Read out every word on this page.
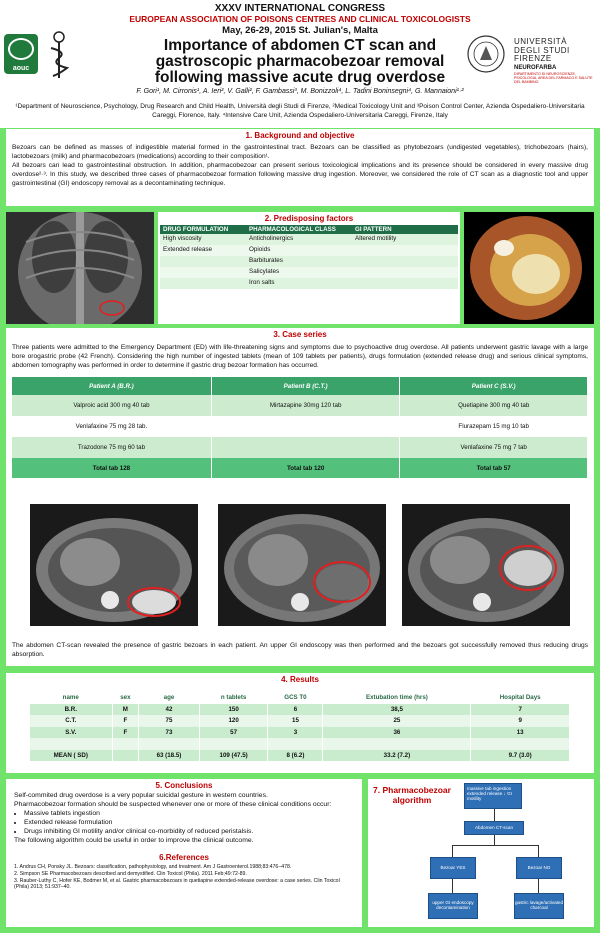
aouc
XXXV INTERNATIONAL CONGRESS
EUROPEAN ASSOCIATION OF POISONS CENTRES AND CLINICAL TOXICOLOGISTS
May, 26-29, 2015 St. Julian's, Malta
Importance of abdomen CT scan and
gastroscopic pharmacobezoar removal
following massive acute drug overdose
UNIVERSITÀ DEGLI STUDI FIRENZE
NEUROFARBA
DIPARTIMENTO DI NEUROSCIENZE, PSICOLOGIA, AREA DEL FARMACO E SALUTE DEL BAMBINO
F. Gori¹, M. Cirronis¹, A. Ieri², V. Galli², F. Gambassi³, M. Bonizzoli⁴, L. Tadini Boninsegni⁴, G. Mannaioni¹·²
¹Department of Neuroscience, Psychology, Drug Research and Child Health, Università degli Studi di Firenze, ²Medical Toxicology Unit and ³Poison Control Center, Azienda Ospedaliero-Universitaria Careggi, Florence, Italy. ⁴Intensive Care Unit, Azienda Ospedaliero-Universitaria Careggi, Firenze, Italy
1. Background and objective

Bezoars can be defined as masses of indigestible material formed in the gastrointestinal tract. Bezoars can be classified as phytobezoars (undigested vegetables), trichobezoars (hairs), lactobezoars (milk) and pharmacobezoars (medications) according to their composition¹.

All bezoars can lead to gastrointestinal obstruction. In addition, pharmacobezoar can present serious toxicological implications and its presence should be considered in every massive drug overdose²·³. In this study, we described three cases of pharmacobezoar formation following massive drug ingestion. Moreover, we considered the role of CT scan as a diagnostic tool and upper gastrointestinal (GI) endoscopy removal as a decontaminating technique.

2. Predisposing factors
DRUG FORMULATION	PHARMACOLOGICAL CLASS	GI PATTERN
High viscosity	Anticholinergics	Altered motility
Extended release	Opioids	
	Barbiturates	
	Salicylates	
	Iron salts	
3. Case series

Three patients were admitted to the Emergency Department (ED) with life-threatening signs and symptoms due to psychoactive drug overdose. All patients underwent gastric lavage with a large bore orogastric probe (42 French). Considering the high number of ingested tablets (mean of 109 tablets per patients), drugs formulation (extended release drug) and serious clinical symptoms, abdomen tomography was performed in order to determine if gastric drug bezoar formation has occurred.

Patient A (B.R.)	Patient B (C.T.)	Patient C (S.V.)
Valproic acid 300 mg 40 tab	Mirtazapine 30mg 120 tab	Quetiapine 300 mg 40 tab
Venlafaxine 75 mg 28 tab.		Flurazepam 15 mg 10 tab
Trazodone 75 mg 60 tab		Venlafaxine 75 mg 7 tab
Total tab 128	Total tab 120	Total tab 57

The abdomen CT-scan revealed the presence of gastric bezoars in each patient. An upper GI endoscopy was then performed and the bezoars got successfully removed thus reducing drugs absorption.

4. Results
name	sex	age	n tablets	GCS T0	Extubation time (hrs)	Hospital Days
B.R.	M	42	150	6	38,5	7
C.T.	F	75	120	15	25	9
S.V.	F	73	57	3	36	13

MEAN ( SD)		63 (18.5)	109 (47.5)	8 (6.2)	33.2 (7.2)	9.7 (3.0)
5. Conclusions

Self-commited drug overdose is a very popular suicidal gesture in western countries.

Pharmacobezoar formation should be suspected whenever one or more of these clinical conditions occur:

• Massive tablets ingestion
• Extended release formulation
• Drugs inhibiting GI motility and/or clinical co-morbidity of reduced peristalsis.

The following algorithm could be useful in order to improve the clinical outcome.

6.References

1. Andrus CH, Ponsky JL. Bezoars: classification, pathophysiology, and treatment. Am J Gastroenterol.1988;83:476–478.

2. Simpson SE Pharmacobezoars described and demystified. Clin Toxicol (Phila). 2011 Feb;49:72-89.

3. Rauber-Luthy C, Hofer KE, Bodmer M, et al. Gastric pharmacobezoars in quetiapine extended-release overdose: a case series. Clin Toxicol (Phila) 2013; 51:937–40.

7. Pharmacobezoar
algorithm
massive tab ingestion extended release ↓ GI motility
Abdomen CT-scan
Bezoar YES	Bezoar NO
upper GI endoscopy decontamination
gastric lavage/activated charcoal
